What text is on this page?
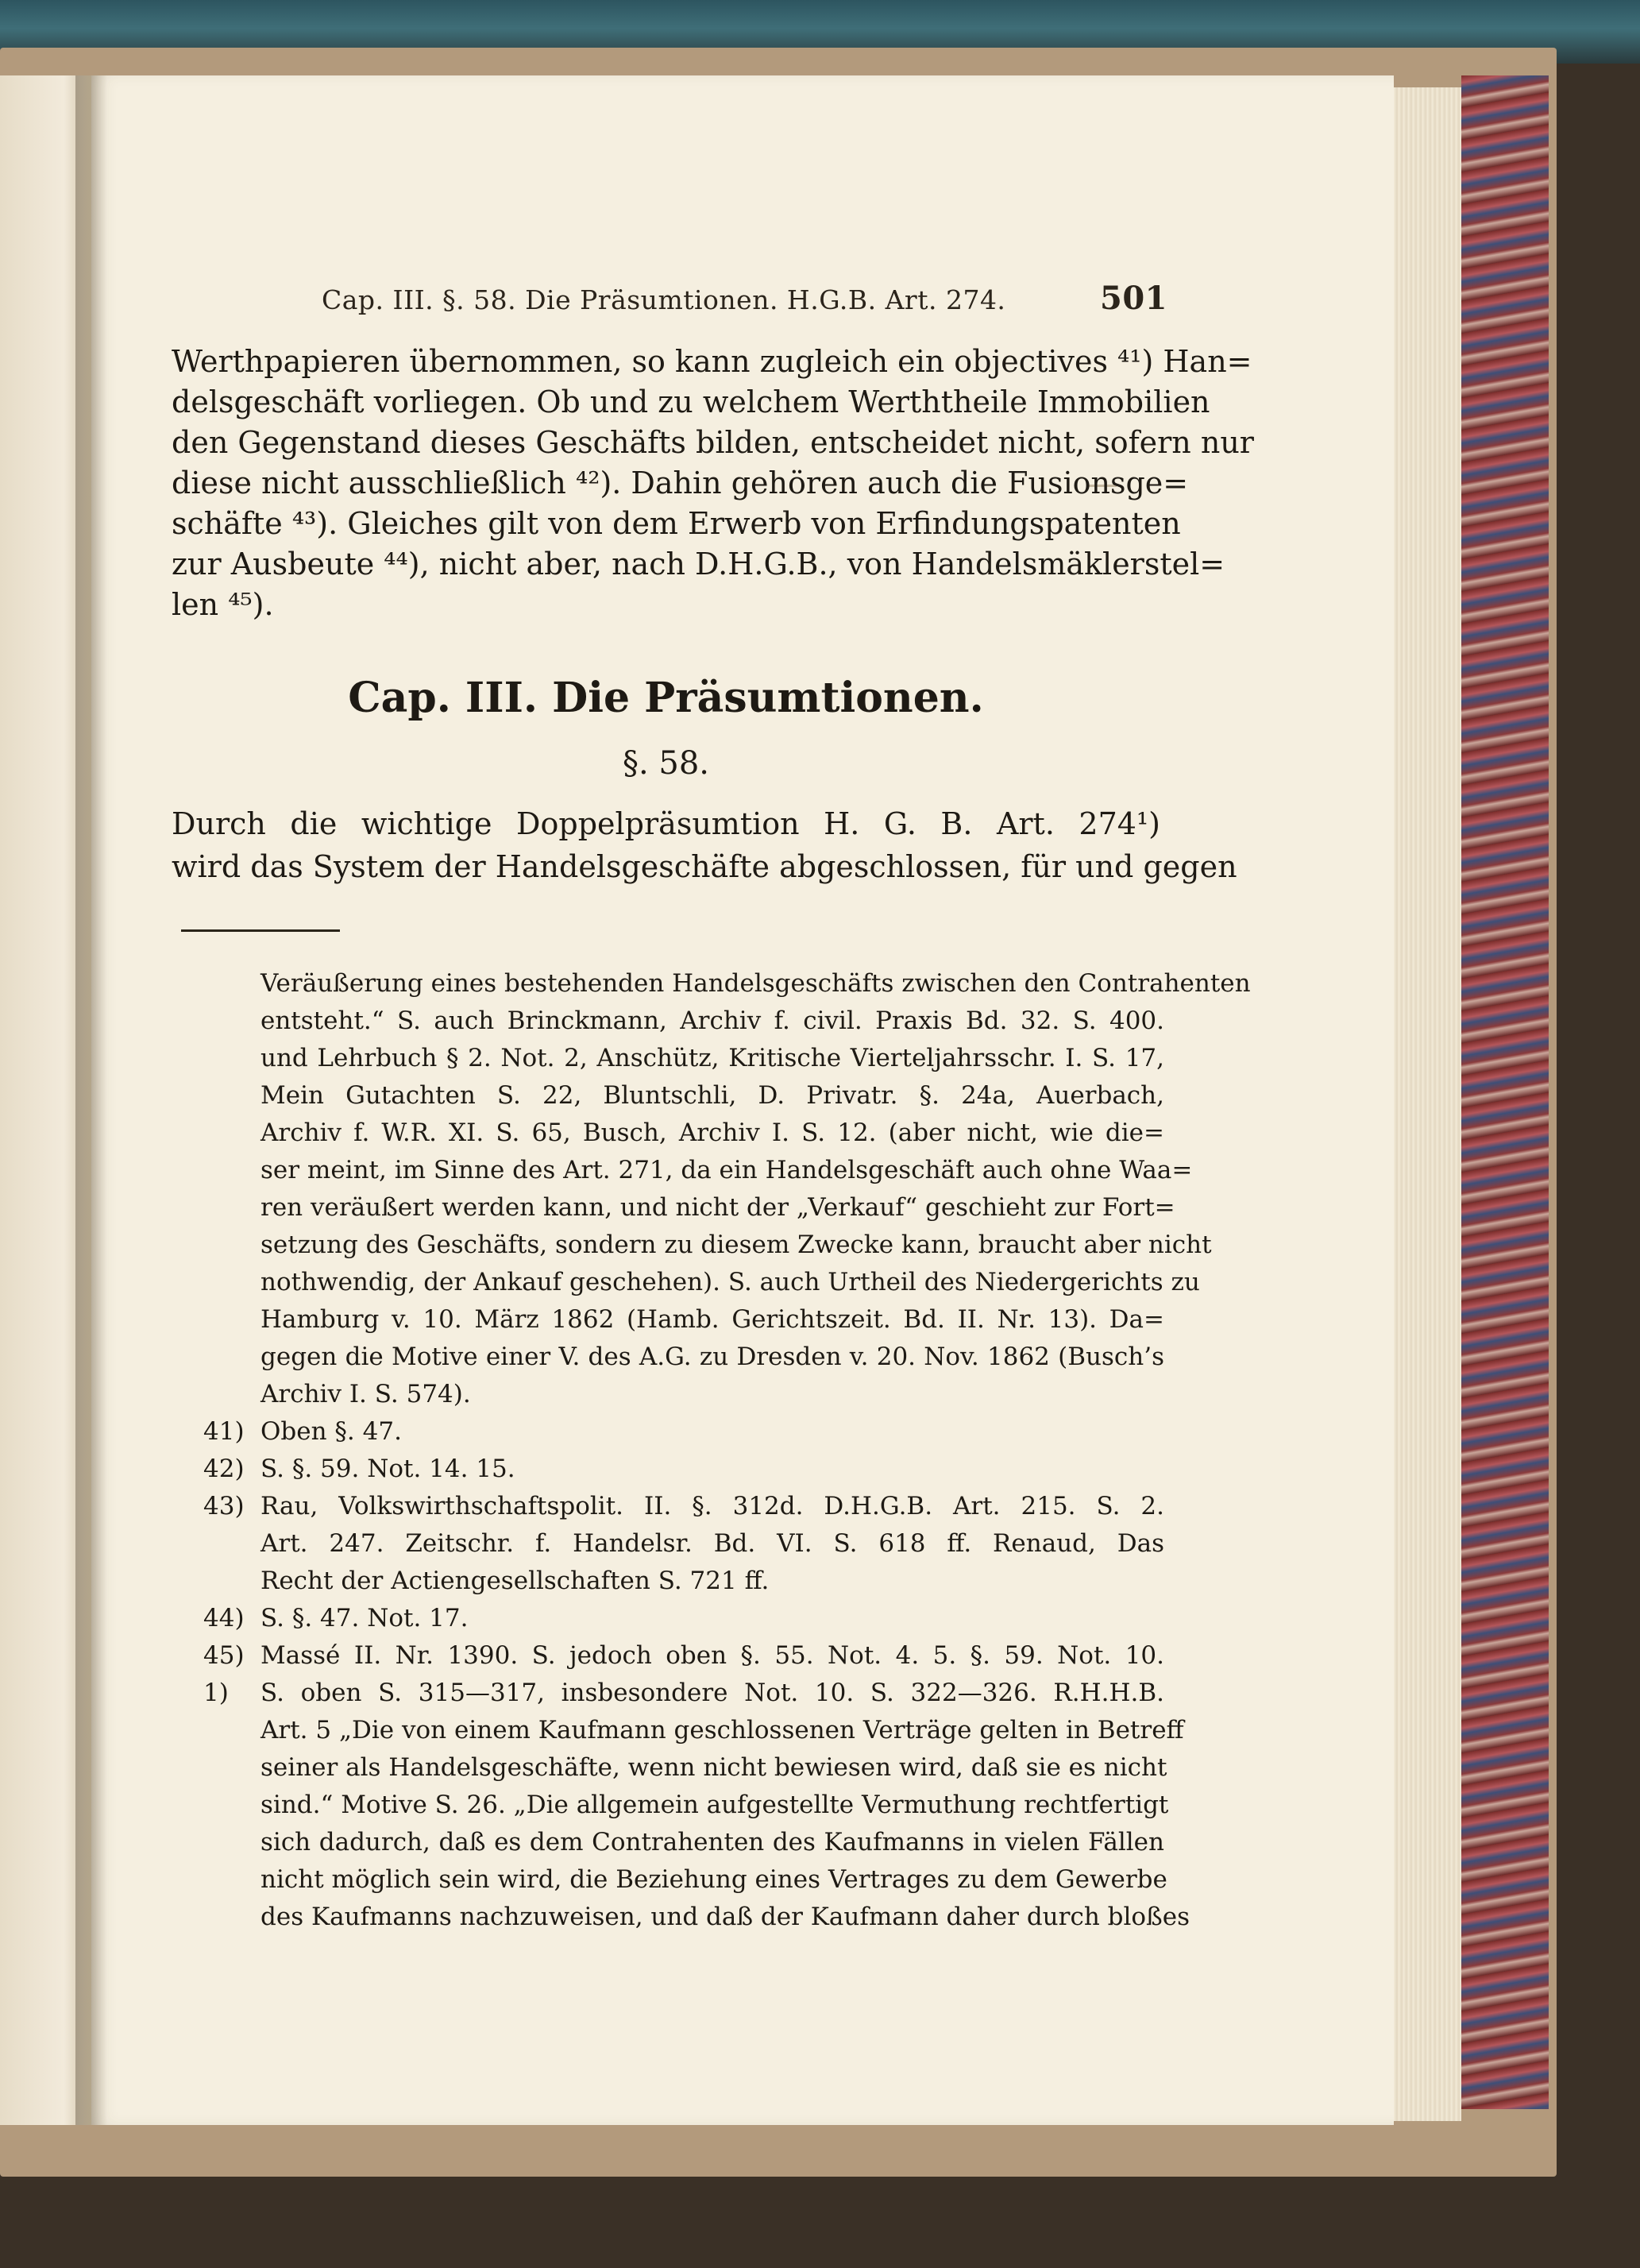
Cap. III. §. 58. Die Präsumtionen. H.G.B. Art. 274.	501
Werthpapieren übernommen, so kann zugleich ein objectives ⁴¹) Han=
delsgeschäft vorliegen. Ob und zu welchem Werththeile Immobilien
den Gegenstand dieses Geschäfts bilden, entscheidet nicht, sofern nur
diese nicht ausschließlich ⁴²). Dahin gehören auch die Fusionsge=
schäfte ⁴³). Gleiches gilt von dem Erwerb von Erfindungspatenten
zur Ausbeute ⁴⁴), nicht aber, nach D.H.G.B., von Handelsmäklerstel=
len ⁴⁵).
Cap. III. Die Präsumtionen.
§. 58.
Durch die wichtige Doppelpräsumtion H. G. B. Art. 274¹)
wird das System der Handelsgeschäfte abgeschlossen, für und gegen
Veräußerung eines bestehenden Handelsgeschäfts zwischen den Contrahenten
entsteht.“ S. auch Brinckmann, Archiv f. civil. Praxis Bd. 32. S. 400.
und Lehrbuch § 2. Not. 2, Anschütz, Kritische Vierteljahrsschr. I. S. 17,
Mein Gutachten S. 22, Bluntschli, D. Privatr. §. 24a, Auerbach,
Archiv f. W.R. XI. S. 65, Busch, Archiv I. S. 12. (aber nicht, wie die=
ser meint, im Sinne des Art. 271, da ein Handelsgeschäft auch ohne Waa=
ren veräußert werden kann, und nicht der „Verkauf“ geschieht zur Fort=
setzung des Geschäfts, sondern zu diesem Zwecke kann, braucht aber nicht
nothwendig, der Ankauf geschehen). S. auch Urtheil des Niedergerichts zu
Hamburg v. 10. März 1862 (Hamb. Gerichtszeit. Bd. II. Nr. 13). Da=
gegen die Motive einer V. des A.G. zu Dresden v. 20. Nov. 1862 (Busch’s
Archiv I. S. 574).
41) Oben §. 47.
42) S. §. 59. Not. 14. 15.
43) Rau, Volkswirthschaftspolit. II. §. 312d. D.H.G.B. Art. 215. S. 2.
Art. 247. Zeitschr. f. Handelsr. Bd. VI. S. 618 ff. Renaud, Das
Recht der Actiengesellschaften S. 721 ff.
44) S. §. 47. Not. 17.
45) Massé II. Nr. 1390. S. jedoch oben §. 55. Not. 4. 5. §. 59. Not. 10.
1) S. oben S. 315—317, insbesondere Not. 10. S. 322—326. R.H.H.B.
Art. 5 „Die von einem Kaufmann geschlossenen Verträge gelten in Betreff
seiner als Handelsgeschäfte, wenn nicht bewiesen wird, daß sie es nicht
sind.“ Motive S. 26. „Die allgemein aufgestellte Vermuthung rechtfertigt
sich dadurch, daß es dem Contrahenten des Kaufmanns in vielen Fällen
nicht möglich sein wird, die Beziehung eines Vertrages zu dem Gewerbe
des Kaufmanns nachzuweisen, und daß der Kaufmann daher durch bloßes
